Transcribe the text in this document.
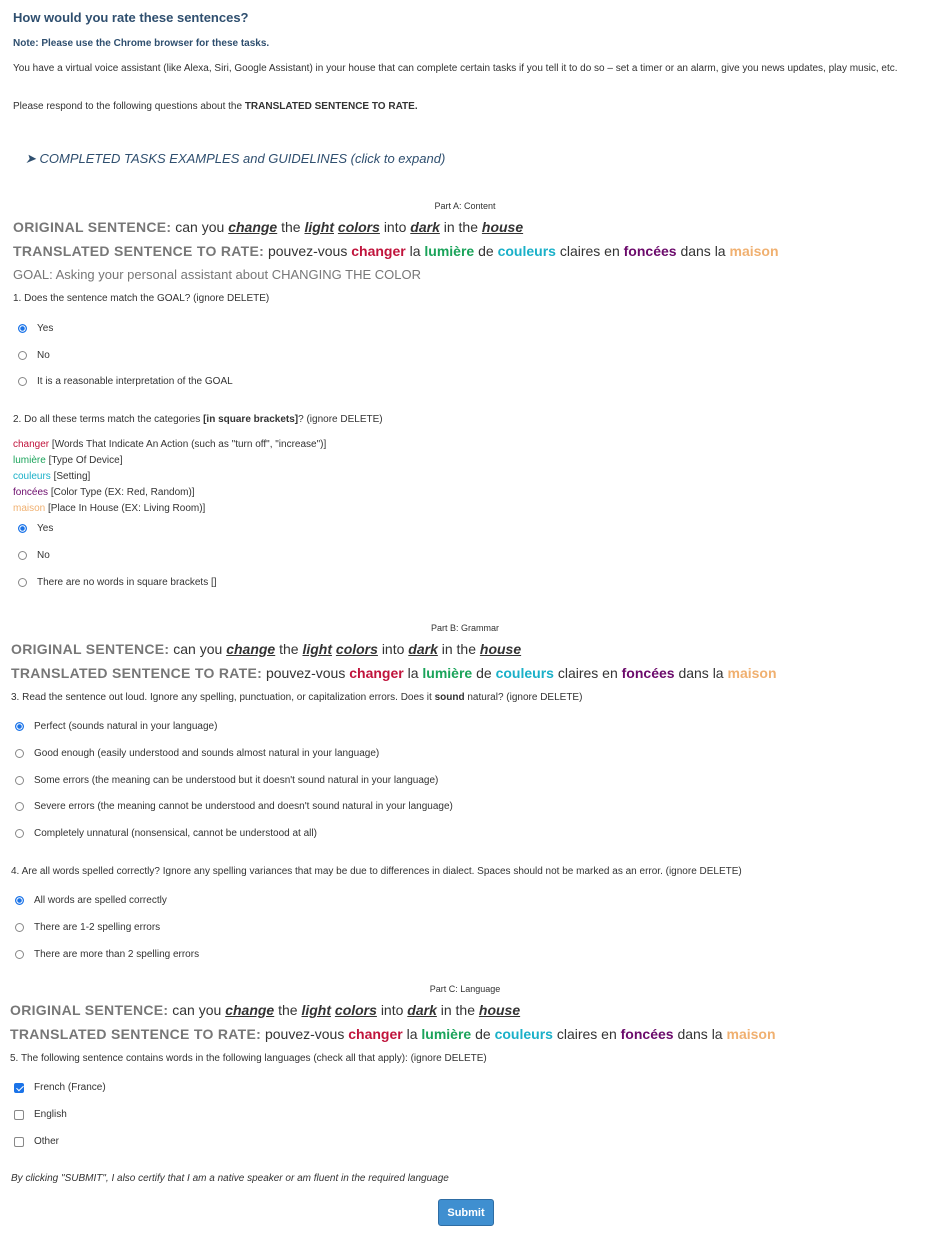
How would you rate these sentences?
Note: Please use the Chrome browser for these tasks.
You have a virtual voice assistant (like Alexa, Siri, Google Assistant) in your house that can complete certain tasks if you tell it to do so – set a timer or an alarm, give you news updates, play music, etc.
Please respond to the following questions about the TRANSLATED SENTENCE TO RATE.
➤ COMPLETED TASKS EXAMPLES and GUIDELINES (click to expand)
Part A: Content
ORIGINAL SENTENCE: can you change the light colors into dark in the house
TRANSLATED SENTENCE TO RATE: pouvez-vous changer la lumière de couleurs claires en foncées dans la maison
GOAL: Asking your personal assistant about CHANGING THE COLOR
1. Does the sentence match the GOAL? (ignore DELETE)
Yes
No
It is a reasonable interpretation of the GOAL
2. Do all these terms match the categories [in square brackets]? (ignore DELETE)
changer [Words That Indicate An Action (such as "turn off", "increase")]
lumière [Type Of Device]
couleurs [Setting]
foncées [Color Type (EX: Red, Random)]
maison [Place In House (EX: Living Room)]
Yes
No
There are no words in square brackets []
Part B: Grammar
ORIGINAL SENTENCE: can you change the light colors into dark in the house
TRANSLATED SENTENCE TO RATE: pouvez-vous changer la lumière de couleurs claires en foncées dans la maison
3. Read the sentence out loud. Ignore any spelling, punctuation, or capitalization errors. Does it sound natural? (ignore DELETE)
Perfect (sounds natural in your language)
Good enough (easily understood and sounds almost natural in your language)
Some errors (the meaning can be understood but it doesn't sound natural in your language)
Severe errors (the meaning cannot be understood and doesn't sound natural in your language)
Completely unnatural (nonsensical, cannot be understood at all)
4. Are all words spelled correctly? Ignore any spelling variances that may be due to differences in dialect. Spaces should not be marked as an error. (ignore DELETE)
All words are spelled correctly
There are 1-2 spelling errors
There are more than 2 spelling errors
Part C: Language
ORIGINAL SENTENCE: can you change the light colors into dark in the house
TRANSLATED SENTENCE TO RATE: pouvez-vous changer la lumière de couleurs claires en foncées dans la maison
5. The following sentence contains words in the following languages (check all that apply): (ignore DELETE)
French (France)
English
Other
By clicking "SUBMIT", I also certify that I am a native speaker or am fluent in the required language
Submit
